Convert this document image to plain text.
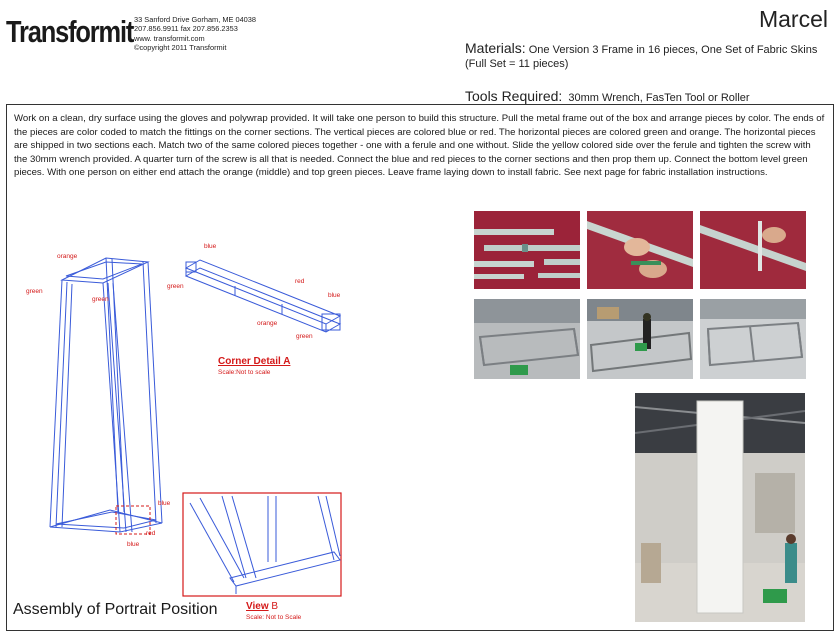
Transformit 33 Sanford Drive Gorham, ME 04038
207.856.9911 fax 207.856.2353
www. transformit.com
©copyright 2011 Transformit
Marcel
Materials: One Version 3 Frame in 16 pieces, One Set of Fabric Skins
(Full Set = 11 pieces)
Tools Required: 30mm Wrench, FasTen Tool or Roller
Work on a clean, dry surface using the gloves and polywrap provided. It will take one person to build this structure. Pull the metal frame out of the box and arrange pieces by color. The ends of the pieces are color coded to match the fittings on the corner sections. The vertical pieces are colored blue or red. The horizontal pieces are colored green and orange. The horizontal pieces are shipped in two sections each. Match two of the same colored pieces together - one with a ferule and one without. Slide the yellow colored side over the ferule and tighten the screw with the 30mm wrench provided. A quarter turn of the screw is all that is needed. Connect the blue and red pieces to the corner sections and then prop them up. Connect the bottom level green pieces. With one person on either end attach the orange (middle) and top green pieces. Leave frame laying down to install fabric. See next page for fabric installation instructions.
orange
green
green
blue
red
blue
blue
green
red
blue
orange
green
Corner Detail A
Scale:Not to scale
View B
Scale: Not to Scale
Assembly of Portrait Position
